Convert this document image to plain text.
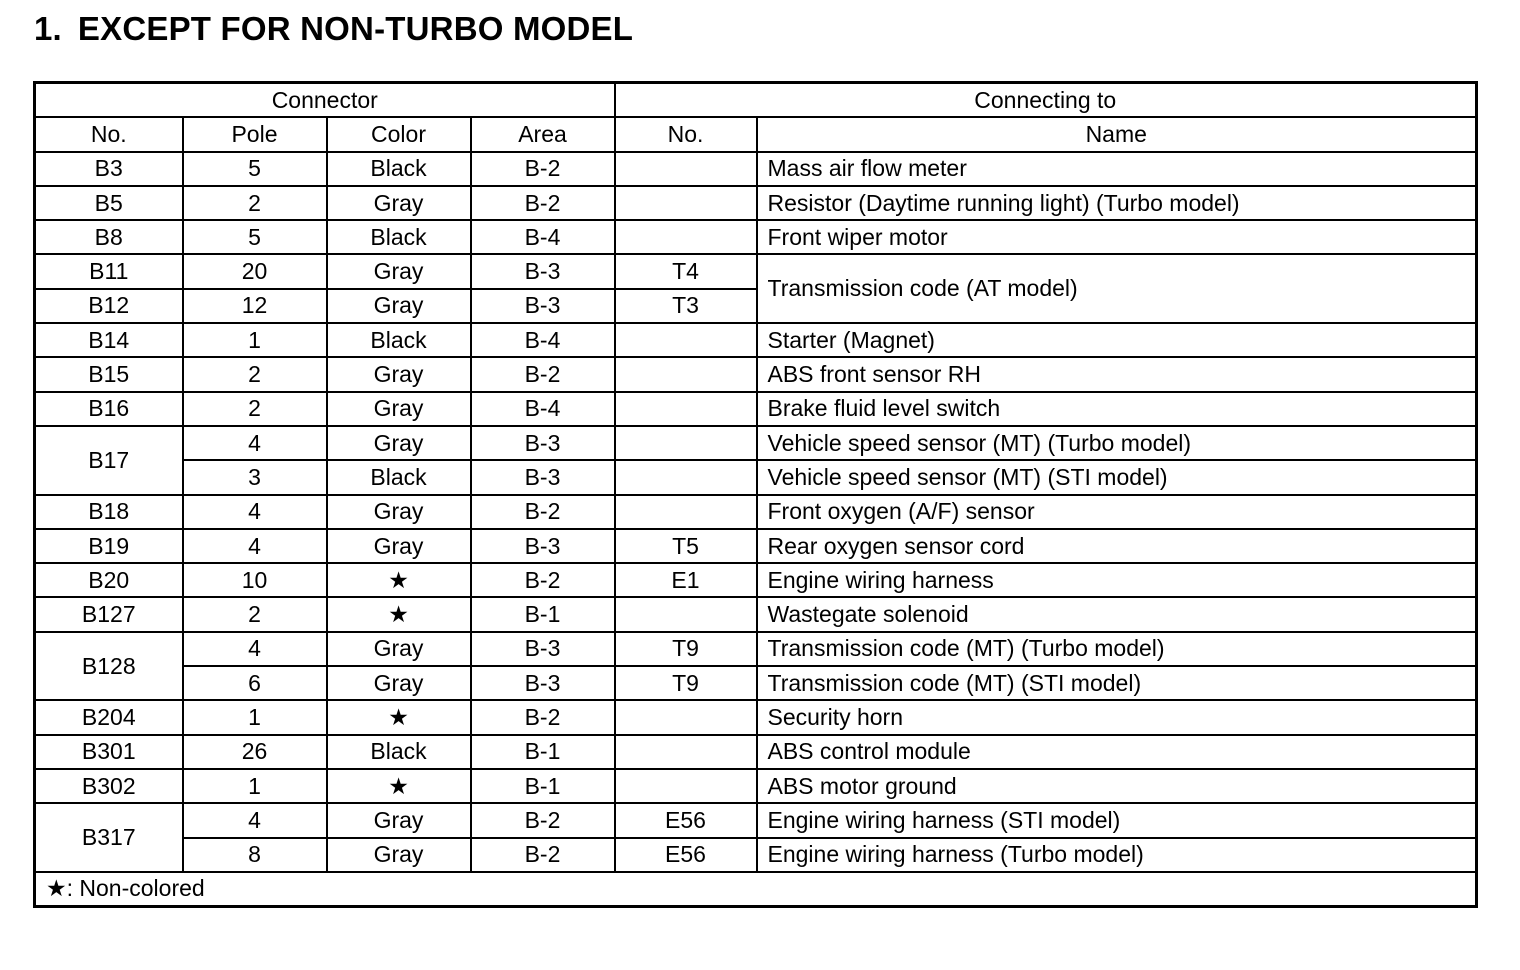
1. EXCEPT FOR NON-TURBO MODEL
Connector				Connecting to	
No.	Pole	Color	Area	No.	Name
B3	5	Black	B-2		Mass air flow meter
B5	2	Gray	B-2		Resistor (Daytime running light) (Turbo model)
B8	5	Black	B-4		Front wiper motor
B11	20	Gray	B-3	T4	Transmission code (AT model)
B12	12	Gray	B-3	T3	
B14	1	Black	B-4		Starter (Magnet)
B15	2	Gray	B-2		ABS front sensor RH
B16	2	Gray	B-4		Brake fluid level switch
B17	4	Gray	B-3		Vehicle speed sensor (MT) (Turbo model)
	3	Black	B-3		Vehicle speed sensor (MT) (STI model)
B18	4	Gray	B-2		Front oxygen (A/F) sensor
B19	4	Gray	B-3	T5	Rear oxygen sensor cord
B20	10	★	B-2	E1	Engine wiring harness
B127	2	★	B-1		Wastegate solenoid
B128	4	Gray	B-3	T9	Transmission code (MT) (Turbo model)
	6	Gray	B-3	T9	Transmission code (MT) (STI model)
B204	1	★	B-2		Security horn
B301	26	Black	B-1		ABS control module
B302	1	★	B-1		ABS motor ground
B317	4	Gray	B-2	E56	Engine wiring harness (STI model)
	8	Gray	B-2	E56	Engine wiring harness (Turbo model)
★: Non-colored					
